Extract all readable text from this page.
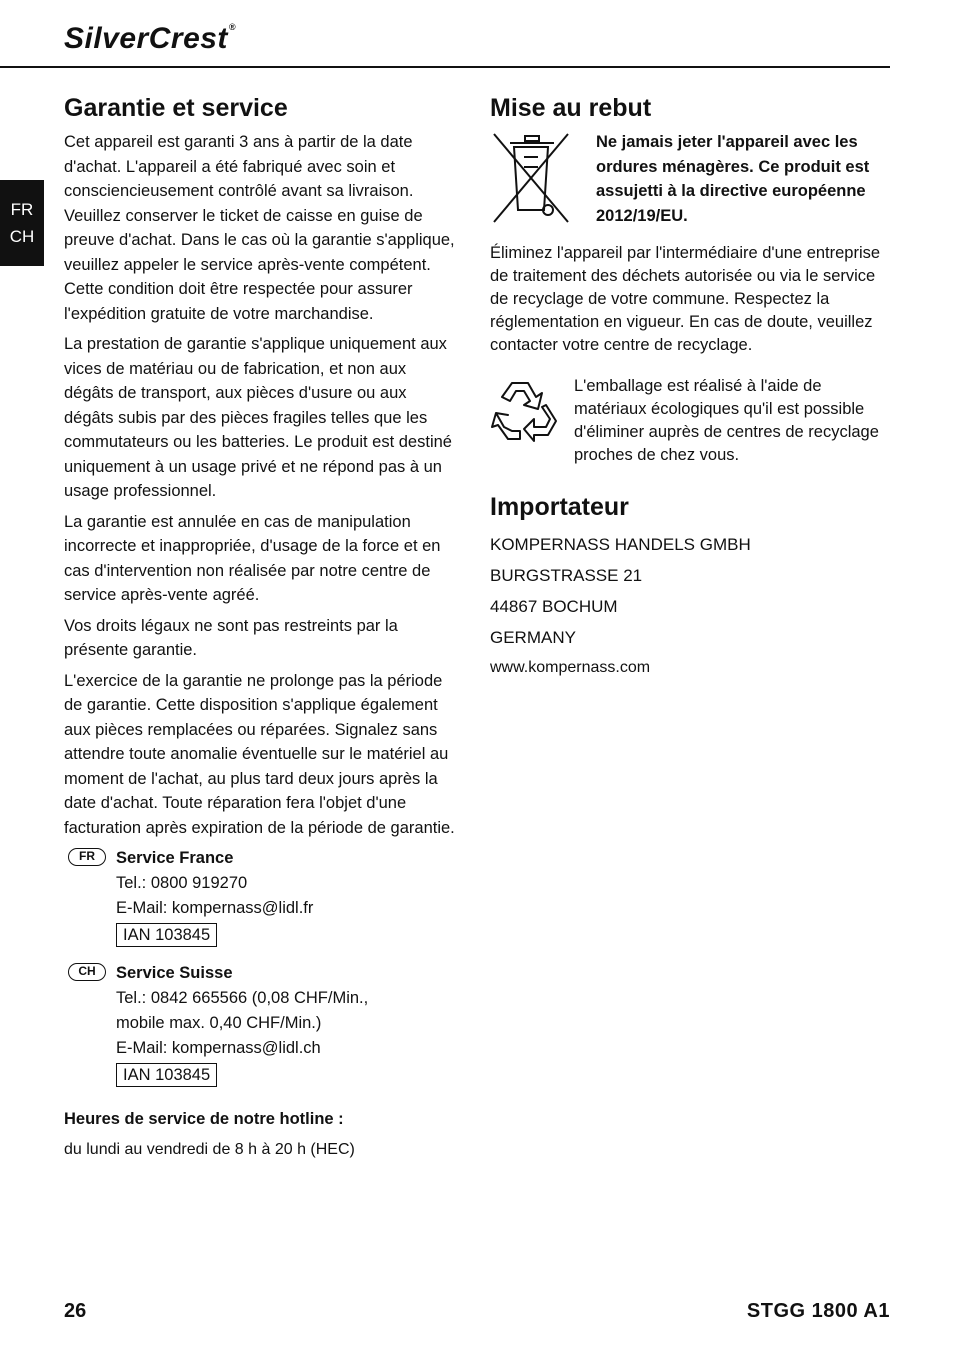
SilverCrest®
FR
CH
Garantie et service

Cet appareil est garanti 3 ans à partir de la date d'achat. L'appareil a été fabriqué avec soin et consciencieusement contrôlé avant sa livraison. Veuillez conserver le ticket de caisse en guise de preuve d'achat. Dans le cas où la garantie s'applique, veuillez appeler le service après-vente compétent. Cette condition doit être respectée pour assurer l'expédition gratuite de votre marchandise.

La prestation de garantie s'applique uniquement aux vices de matériau ou de fabrication, et non aux dégâts de transport, aux pièces d'usure ou aux dégâts subis par des pièces fragiles telles que les commutateurs ou les batteries. Le produit est destiné uniquement à un usage privé et ne répond pas à un usage professionnel.

La garantie est annulée en cas de manipulation incorrecte et inappropriée, d'usage de la force et en cas d'intervention non réalisée par notre centre de service après-vente agréé.

Vos droits légaux ne sont pas restreints par la présente garantie.

L'exercice de la garantie ne prolonge pas la période de garantie. Cette disposition s'applique également aux pièces remplacées ou réparées. Signalez sans attendre toute anomalie éventuelle sur le matériel au moment de l'achat, au plus tard deux jours après la date d'achat. Toute réparation fera l'objet d'une facturation après expiration de la période de garantie.

FR	Service France
Tel.: 0800 919270
E-Mail: kompernass@lidl.fr
IAN 103845
CH	Service Suisse
Tel.: 0842 665566 (0,08 CHF/Min.,
mobile max. 0,40 CHF/Min.)
E-Mail: kompernass@lidl.ch
IAN 103845
Heures de service de notre hotline :
du lundi au vendredi de 8 h à 20 h (HEC)
Mise au rebut
Ne jamais jeter l'appareil avec les ordures ménagères. Ce produit est assujetti à la directive européenne 2012/19/EU.

Éliminez l'appareil par l'intermédiaire d'une entreprise de traitement des déchets autorisée ou via le service de recyclage de votre commune. Respectez la réglementation en vigueur. En cas de doute, veuillez contacter votre centre de recyclage.

L'emballage est réalisé à l'aide de matériaux écologiques qu'il est possible d'éliminer auprès de centres de recyclage proches de chez vous.
Importateur
KOMPERNASS HANDELS GMBH
BURGSTRASSE 21
44867 BOCHUM
GERMANY
www.kompernass.com
26	STGG 1800 A1
